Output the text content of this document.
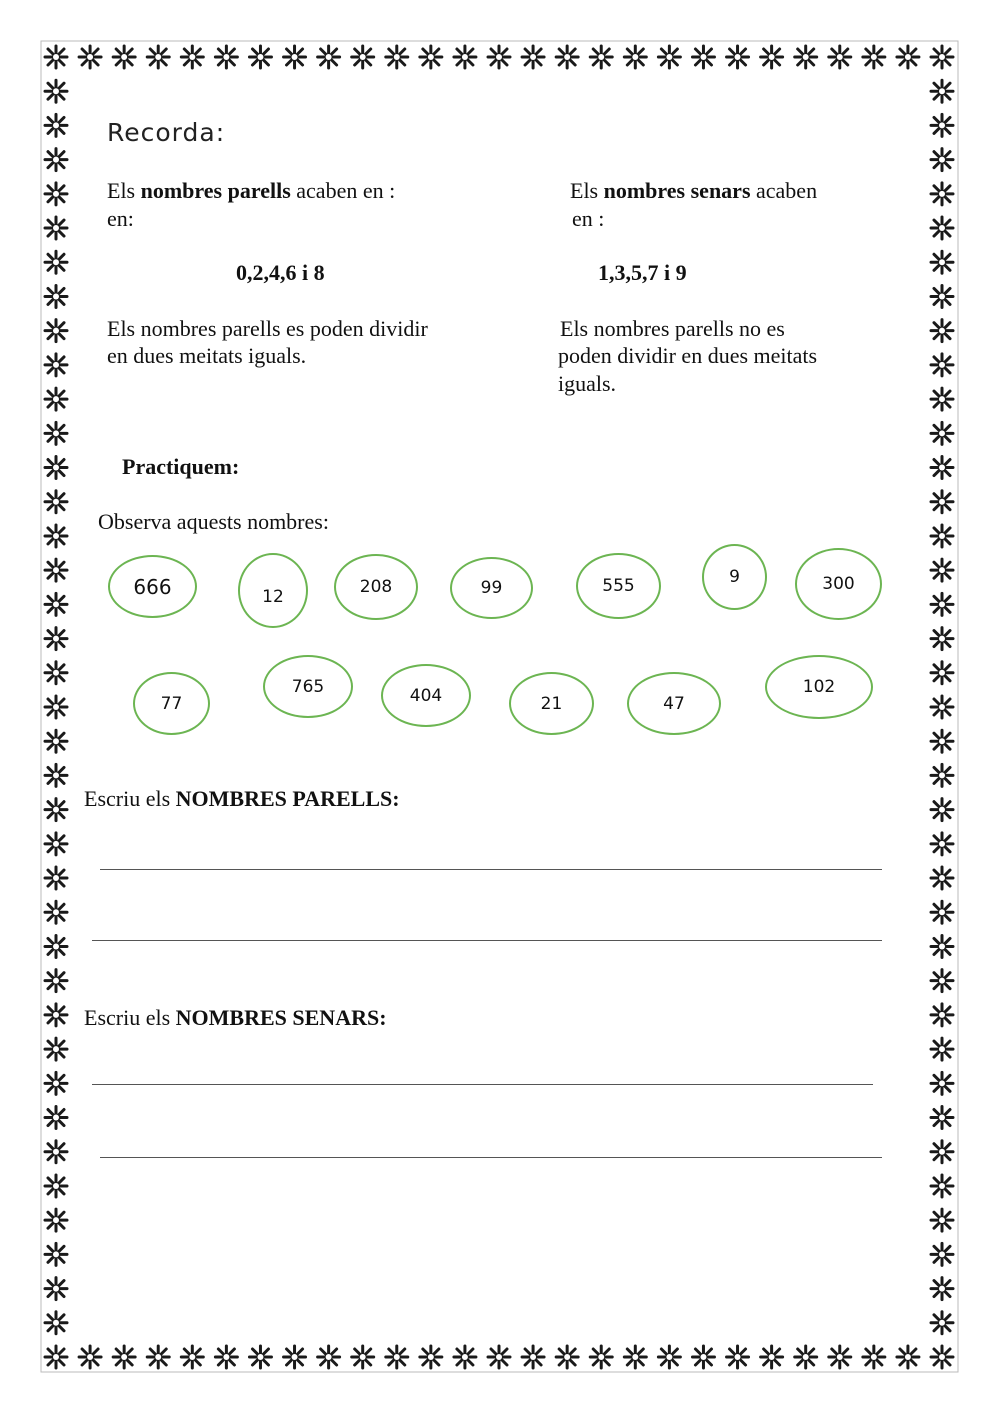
Recorda:
Els nombres parells acaben en :
en:
0,2,4,6 i 8
Els nombres parells es poden dividir
en dues meitats iguals.
Els nombres senars acaben
en :
1,3,5,7 i 9
Els nombres parells no es
poden dividir en dues meitats
iguals.
Practiquem:
Observa aquests nombres:
666	12	208	99	555	9	300
77
765	404	21	47
102
Escriu els NOMBRES PARELLS:
Escriu els NOMBRES SENARS:
